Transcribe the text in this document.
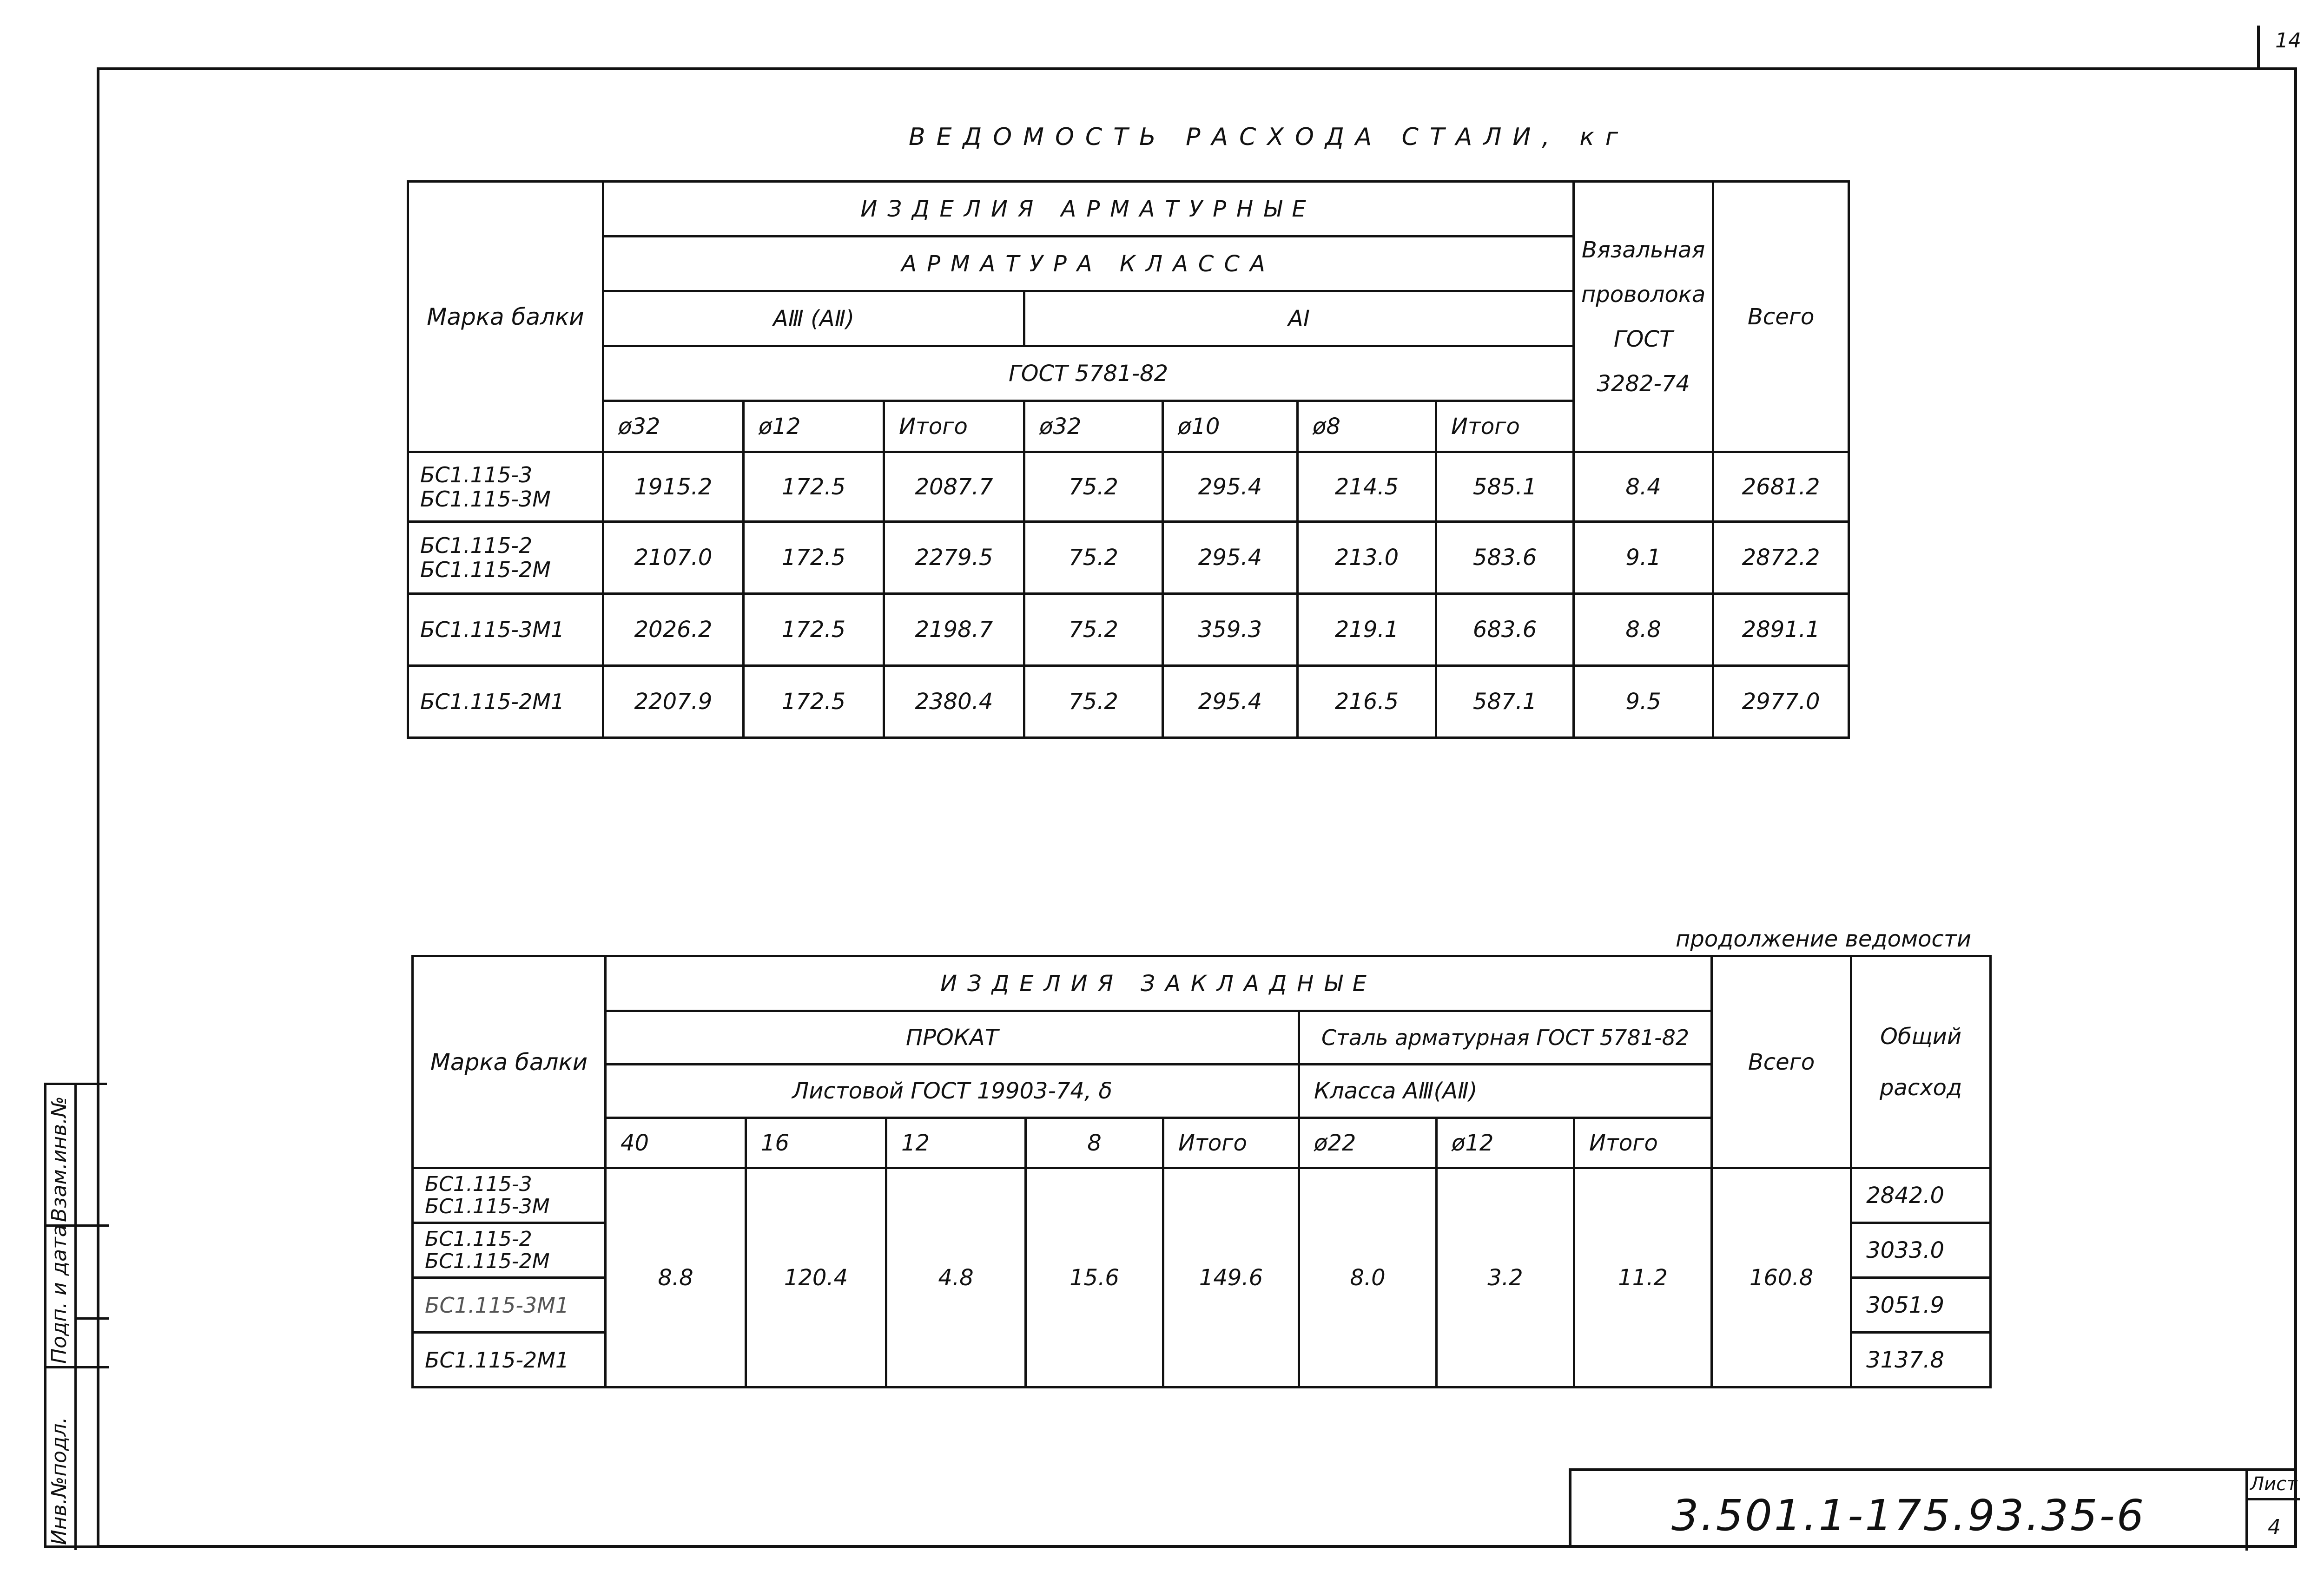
14
ВЕДОМОСТЬ РАСХОДА СТАЛИ, кг
Марка балки	ИЗДЕЛИЯ АРМАТУРНЫЕ							Вязальная проволока ГОСТ 3282-74	Всего
	АРМАТУРА КЛАССА								
	АⅢ (АⅡ)			АⅠ					
	ГОСТ 5781-82								
	ø32	ø12	Итого	ø32	ø10	ø8	Итого		
БС1.115-3
БС1.115-3М	1915.2	172.5	2087.7	75.2	295.4	214.5	585.1	8.4	2681.2
БС1.115-2
БС1.115-2М	2107.0	172.5	2279.5	75.2	295.4	213.0	583.6	9.1	2872.2
БС1.115-3М1	2026.2	172.5	2198.7	75.2	359.3	219.1	683.6	8.8	2891.1
БС1.115-2М1	2207.9	172.5	2380.4	75.2	295.4	216.5	587.1	9.5	2977.0
продолжение ведомости
Марка балки	ИЗДЕЛИЯ ЗАКЛАДНЫЕ								Всего	Общий расход
	ПРОКАТ					Сталь арматурная ГОСТ 5781-82				
	Листовой ГОСТ 19903-74, δ					Класса АⅢ(АⅡ)				
	40	16	12	8	Итого	ø22	ø12	Итого		
БС1.115-3
БС1.115-3М	8.8	120.4	4.8	15.6	149.6	8.0	3.2	11.2	160.8	2842.0
БС1.115-2
БС1.115-2М										3033.0
БС1.115-3М1										3051.9
БС1.115-2М1										3137.8
Взам.инв.№
Подп. и дата
Инв.№подл.	3.501.1-175.93.35-6
Лист
4
